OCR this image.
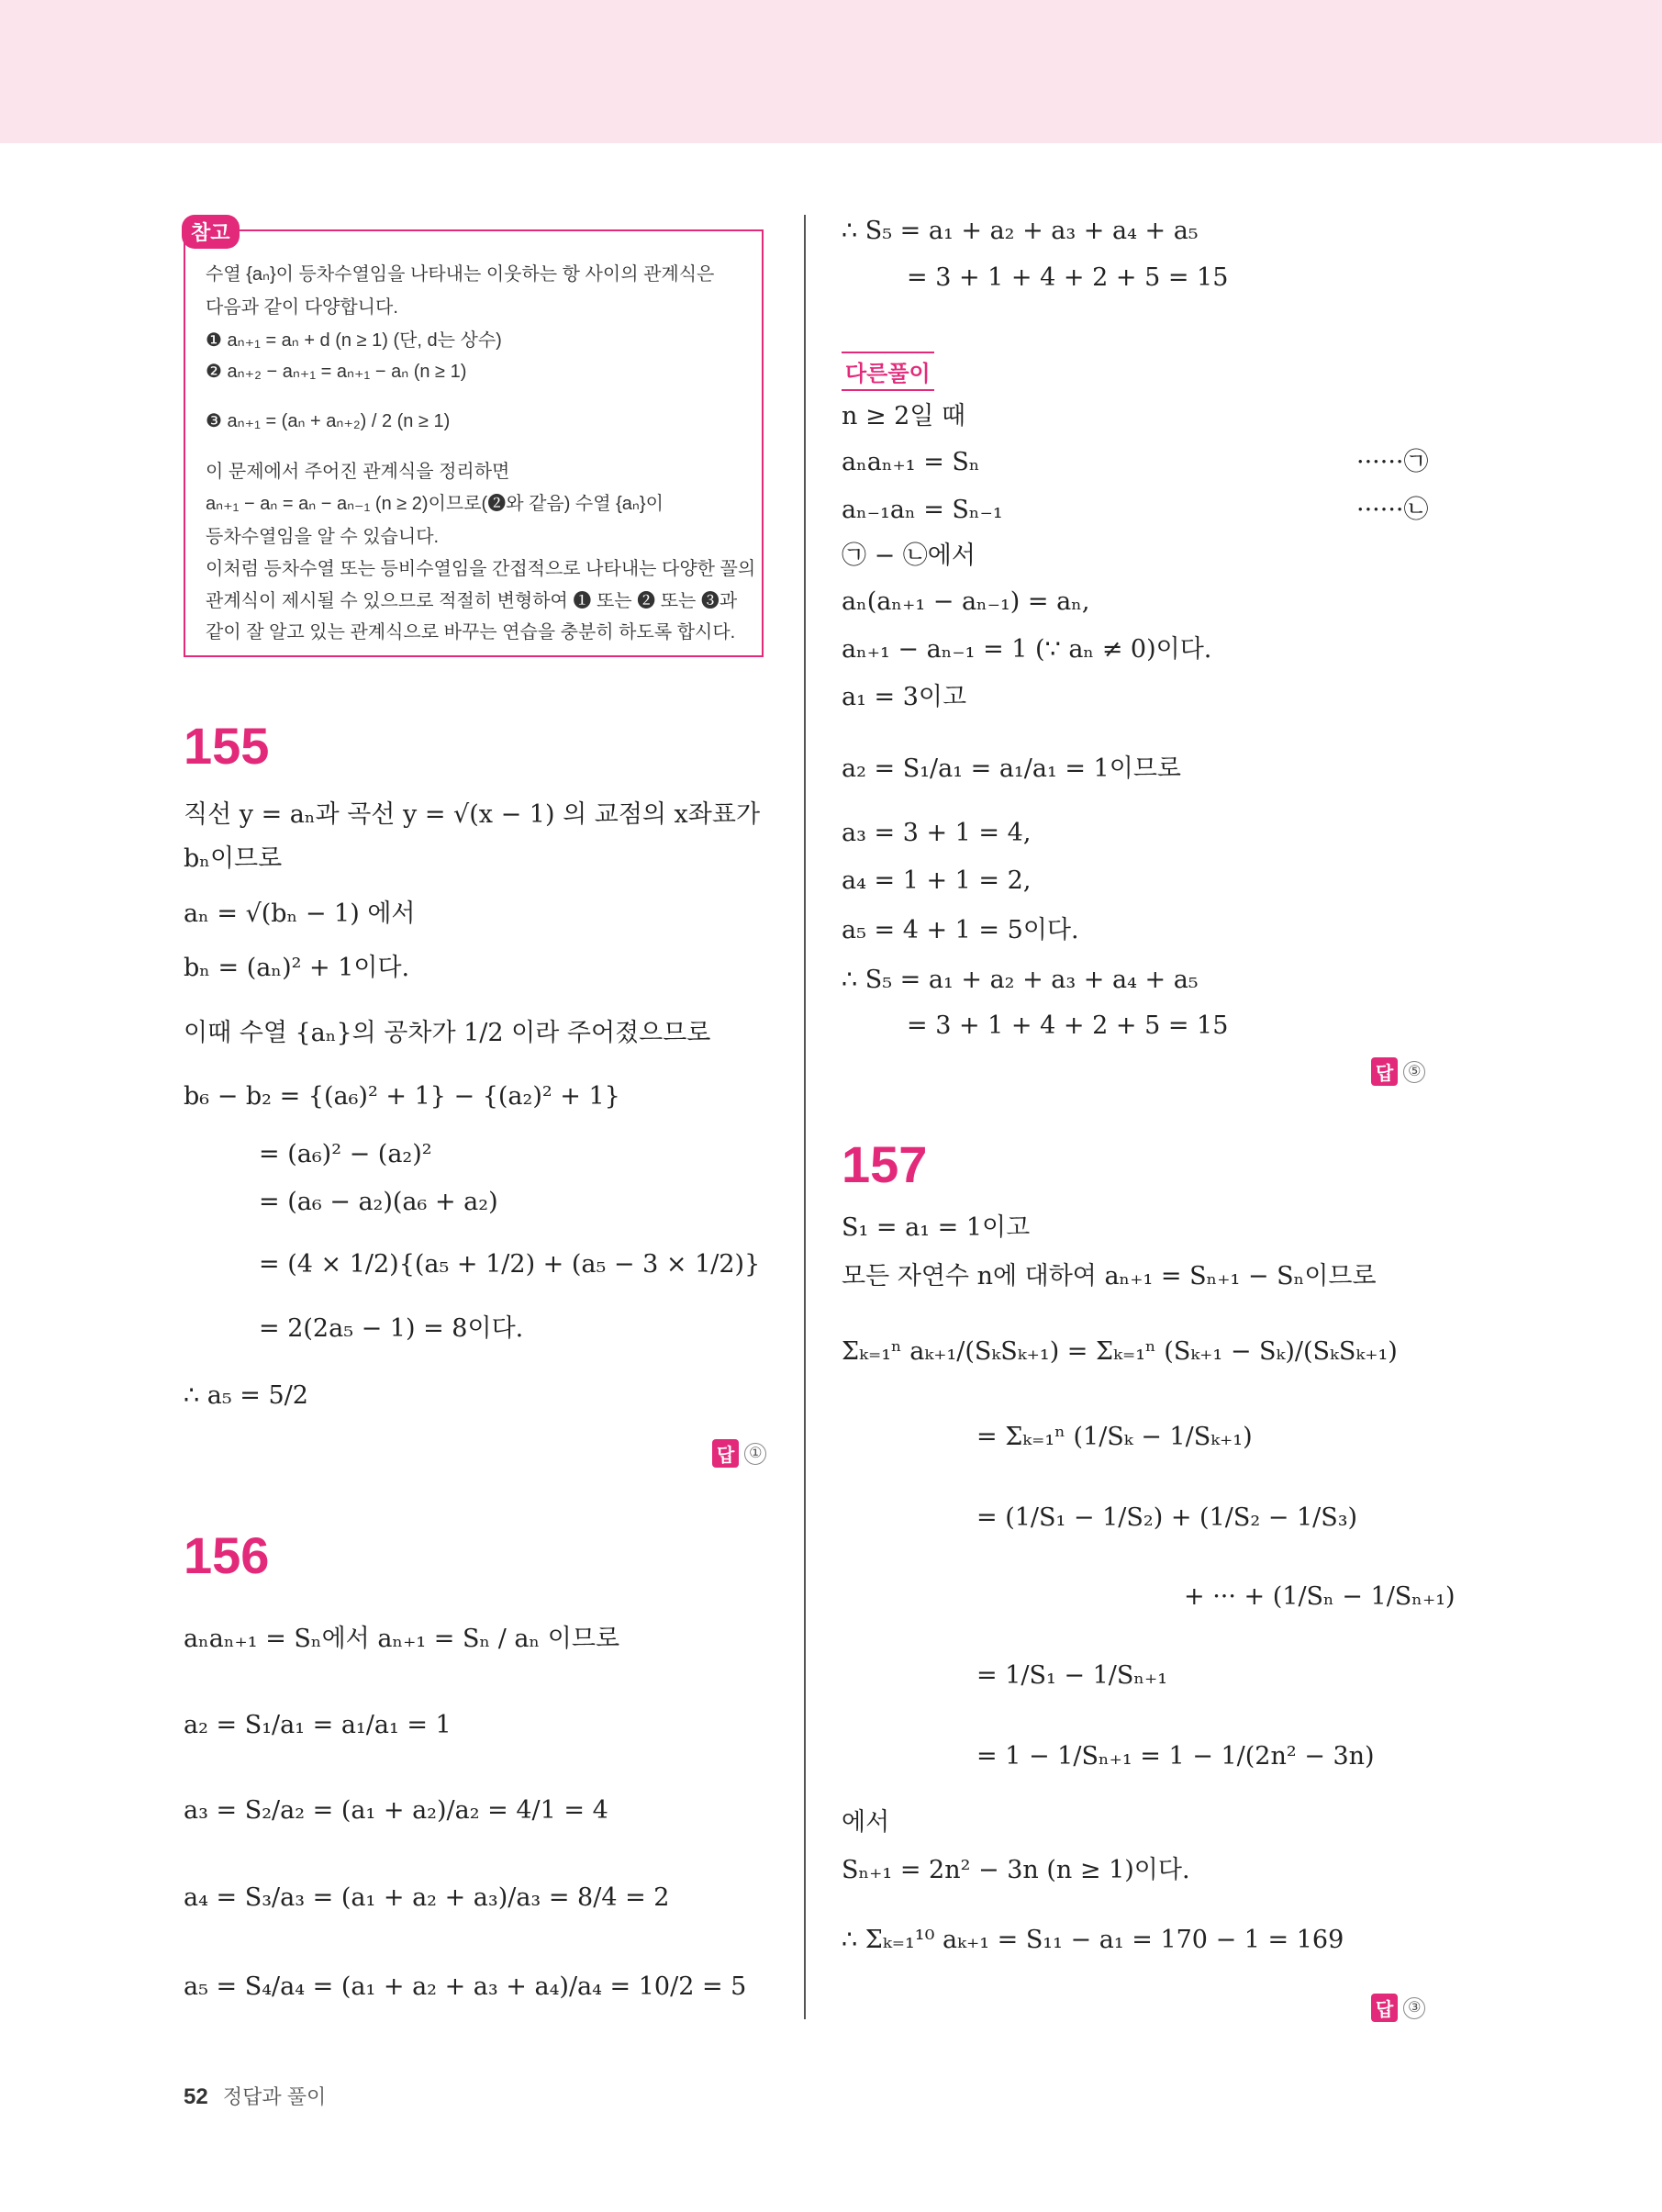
참고
수열 {aₙ}이 등차수열임을 나타내는 이웃하는 항 사이의 관계식은
다음과 같이 다양합니다.
❶ aₙ₊₁ = aₙ + d (n ≥ 1) (단, d는 상수)
❷ aₙ₊₂ − aₙ₊₁ = aₙ₊₁ − aₙ (n ≥ 1)
❸ aₙ₊₁ = (aₙ + aₙ₊₂) / 2 (n ≥ 1)
이 문제에서 주어진 관계식을 정리하면
aₙ₊₁ − aₙ = aₙ − aₙ₋₁ (n ≥ 2)이므로(❷와 같음) 수열 {aₙ}이
등차수열임을 알 수 있습니다.
이처럼 등차수열 또는 등비수열임을 간접적으로 나타내는 다양한 꼴의
관계식이 제시될 수 있으므로 적절히 변형하여 ❶ 또는 ❷ 또는 ❸과
같이 잘 알고 있는 관계식으로 바꾸는 연습을 충분히 하도록 합시다.
155
직선 y = aₙ과 곡선 y = √(x − 1) 의 교점의 x좌표가
bₙ이므로
aₙ = √(bₙ − 1) 에서
bₙ = (aₙ)² + 1이다.
이때 수열 {aₙ}의 공차가 1/2 이라 주어졌으므로
b₆ − b₂ = {(a₆)² + 1} − {(a₂)² + 1}
= (a₆)² − (a₂)²
= (a₆ − a₂)(a₆ + a₂)
= (4 × 1/2){(a₅ + 1/2) + (a₅ − 3 × 1/2)}
= 2(2a₅ − 1) = 8이다.
∴ a₅ = 5/2
답 ①
156
aₙaₙ₊₁ = Sₙ에서 aₙ₊₁ = Sₙ / aₙ 이므로
a₂ = S₁/a₁ = a₁/a₁ = 1
a₃ = S₂/a₂ = (a₁ + a₂)/a₂ = 4/1 = 4
a₄ = S₃/a₃ = (a₁ + a₂ + a₃)/a₃ = 8/4 = 2
a₅ = S₄/a₄ = (a₁ + a₂ + a₃ + a₄)/a₄ = 10/2 = 5
∴ S₅ = a₁ + a₂ + a₃ + a₄ + a₅
= 3 + 1 + 4 + 2 + 5 = 15
다른풀이
n ≥ 2일 때
aₙaₙ₊₁ = Sₙ	······㉠
aₙ₋₁aₙ = Sₙ₋₁	······㉡
㉠ − ㉡에서
aₙ(aₙ₊₁ − aₙ₋₁) = aₙ,
aₙ₊₁ − aₙ₋₁ = 1 (∵ aₙ ≠ 0)이다.
a₁ = 3이고
a₂ = S₁/a₁ = a₁/a₁ = 1이므로
a₃ = 3 + 1 = 4,
a₄ = 1 + 1 = 2,
a₅ = 4 + 1 = 5이다.
∴ S₅ = a₁ + a₂ + a₃ + a₄ + a₅
= 3 + 1 + 4 + 2 + 5 = 15
답 ⑤
157
S₁ = a₁ = 1이고
모든 자연수 n에 대하여 aₙ₊₁ = Sₙ₊₁ − Sₙ이므로
Σₖ₌₁ⁿ aₖ₊₁/(SₖSₖ₊₁) = Σₖ₌₁ⁿ (Sₖ₊₁ − Sₖ)/(SₖSₖ₊₁)
= Σₖ₌₁ⁿ (1/Sₖ − 1/Sₖ₊₁)
= (1/S₁ − 1/S₂) + (1/S₂ − 1/S₃)
+ ··· + (1/Sₙ − 1/Sₙ₊₁)
= 1/S₁ − 1/Sₙ₊₁
= 1 − 1/Sₙ₊₁ = 1 − 1/(2n² − 3n)
에서
Sₙ₊₁ = 2n² − 3n (n ≥ 1)이다.
∴ Σₖ₌₁¹⁰ aₖ₊₁ = S₁₁ − a₁ = 170 − 1 = 169
답 ③
52 정답과 풀이
